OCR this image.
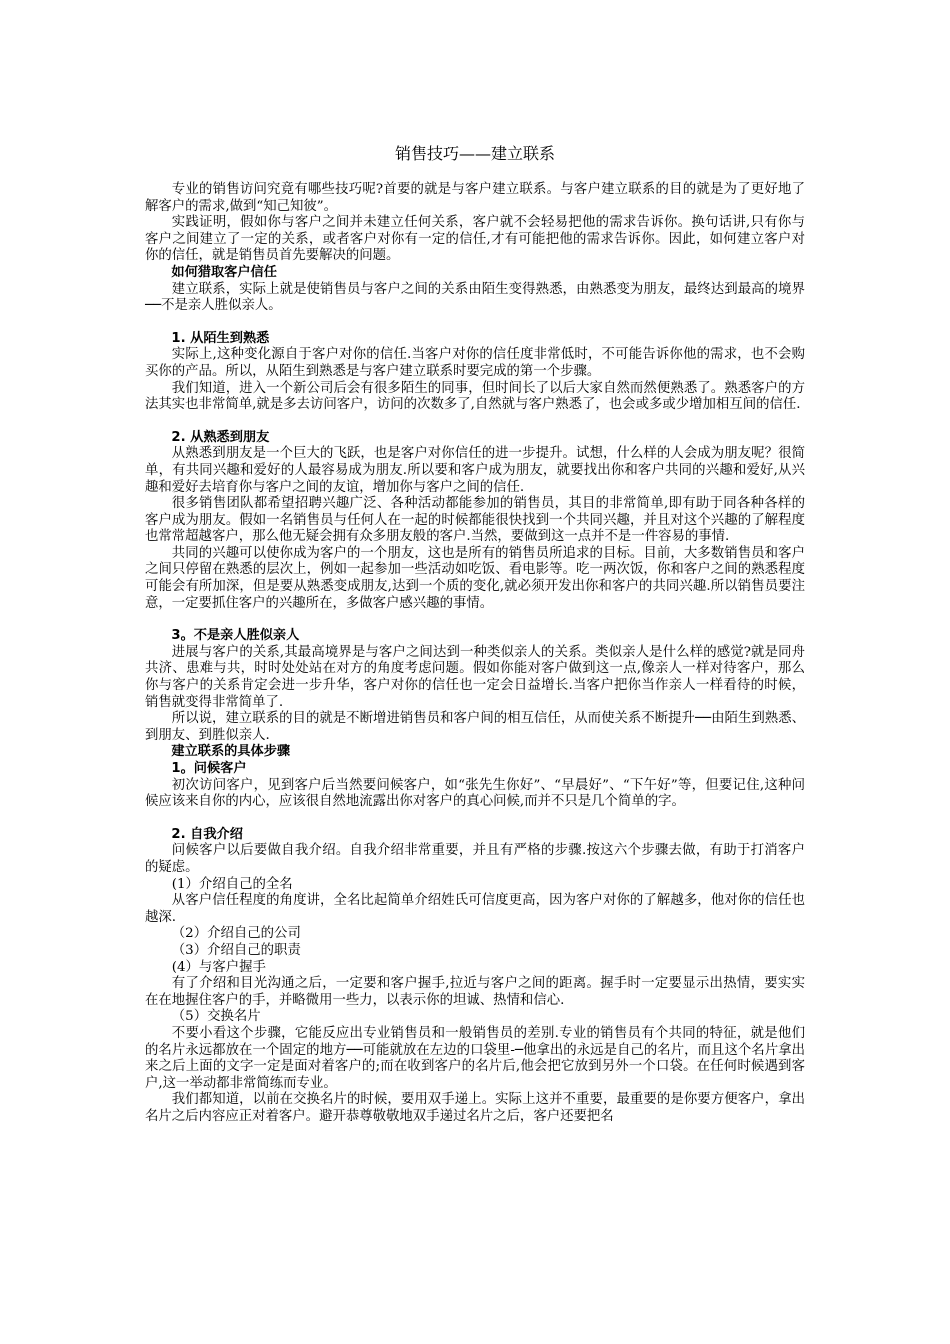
销售技巧——建立联系

专业的销售访问究竟有哪些技巧呢?首要的就是与客户建立联系。与客户建立联系的目的就是为了更好地了解客户的需求,做到“知己知彼”。

实践证明，假如你与客户之间并未建立任何关系，客户就不会轻易把他的需求告诉你。换句话讲,只有你与客户之间建立了一定的关系，或者客户对你有一定的信任,才有可能把他的需求告诉你。因此，如何建立客户对你的信任，就是销售员首先要解决的问题。

如何猎取客户信任

建立联系，实际上就是使销售员与客户之间的关系由陌生变得熟悉，由熟悉变为朋友，最终达到最高的境界──不是亲人胜似亲人。

1. 从陌生到熟悉

实际上,这种变化源自于客户对你的信任.当客户对你的信任度非常低时，不可能告诉你他的需求，也不会购买你的产品。所以，从陌生到熟悉是与客户建立联系时要完成的第一个步骤。

我们知道，进入一个新公司后会有很多陌生的同事，但时间长了以后大家自然而然便熟悉了。熟悉客户的方法其实也非常简单,就是多去访问客户，访问的次数多了,自然就与客户熟悉了，也会或多或少增加相互间的信任.

2. 从熟悉到朋友

从熟悉到朋友是一个巨大的飞跃，也是客户对你信任的进一步提升。试想，什么样的人会成为朋友呢？很简单，有共同兴趣和爱好的人最容易成为朋友.所以要和客户成为朋友，就要找出你和客户共同的兴趣和爱好,从兴趣和爱好去培育你与客户之间的友谊，增加你与客户之间的信任.

很多销售团队都希望招聘兴趣广泛、各种活动都能参加的销售员，其目的非常简单,即有助于同各种各样的客户成为朋友。假如一名销售员与任何人在一起的时候都能很快找到一个共同兴趣，并且对这个兴趣的了解程度也常常超越客户，那么他无疑会拥有众多朋友般的客户.当然，要做到这一点并不是一件容易的事情.

共同的兴趣可以使你成为客户的一个朋友，这也是所有的销售员所追求的目标。目前，大多数销售员和客户之间只停留在熟悉的层次上，例如一起参加一些活动如吃饭、看电影等。吃一两次饭，你和客户之间的熟悉程度可能会有所加深，但是要从熟悉变成朋友,达到一个质的变化,就必须开发出你和客户的共同兴趣.所以销售员要注意，一定要抓住客户的兴趣所在，多做客户感兴趣的事情。

3。不是亲人胜似亲人

进展与客户的关系,其最高境界是与客户之间达到一种类似亲人的关系。类似亲人是什么样的感觉?就是同舟共济、患难与共，时时处处站在对方的角度考虑问题。假如你能对客户做到这一点,像亲人一样对待客户，那么你与客户的关系肯定会进一步升华，客户对你的信任也一定会日益增长.当客户把你当作亲人一样看待的时候，销售就变得非常简单了.

所以说，建立联系的目的就是不断增进销售员和客户间的相互信任，从而使关系不断提升──由陌生到熟悉、到朋友、到胜似亲人.

建立联系的具体步骤
1。问候客户

初次访问客户，见到客户后当然要问候客户，如“张先生你好”、“早晨好”、“下午好”等，但要记住,这种问候应该来自你的内心，应该很自然地流露出你对客户的真心问候,而并不只是几个简单的字。

2. 自我介绍

问候客户以后要做自我介绍。自我介绍非常重要，并且有严格的步骤.按这六个步骤去做，有助于打消客户的疑虑。

(1）介绍自己的全名

从客户信任程度的角度讲，全名比起简单介绍姓氏可信度更高，因为客户对你的了解越多，他对你的信任也越深.

（2）介绍自己的公司
（3）介绍自己的职责
(4）与客户握手

有了介绍和目光沟通之后，一定要和客户握手,拉近与客户之间的距离。握手时一定要显示出热情，要实实在在地握住客户的手，并略微用一些力，以表示你的坦诚、热情和信心.

（5）交换名片

不要小看这个步骤，它能反应出专业销售员和一般销售员的差别.专业的销售员有个共同的特征，就是他们的名片永远都放在一个固定的地方──可能就放在左边的口袋里-─他拿出的永远是自己的名片，而且这个名片拿出来之后上面的文字一定是面对着客户的;而在收到客户的名片后,他会把它放到另外一个口袋。在任何时候遇到客户,这一举动都非常简练而专业。

我们都知道，以前在交换名片的时候，要用双手递上。实际上这并不重要，最重要的是你要方便客户，拿出名片之后内容应正对着客户。避开恭尊敬敬地双手递过名片之后，客户还要把名
